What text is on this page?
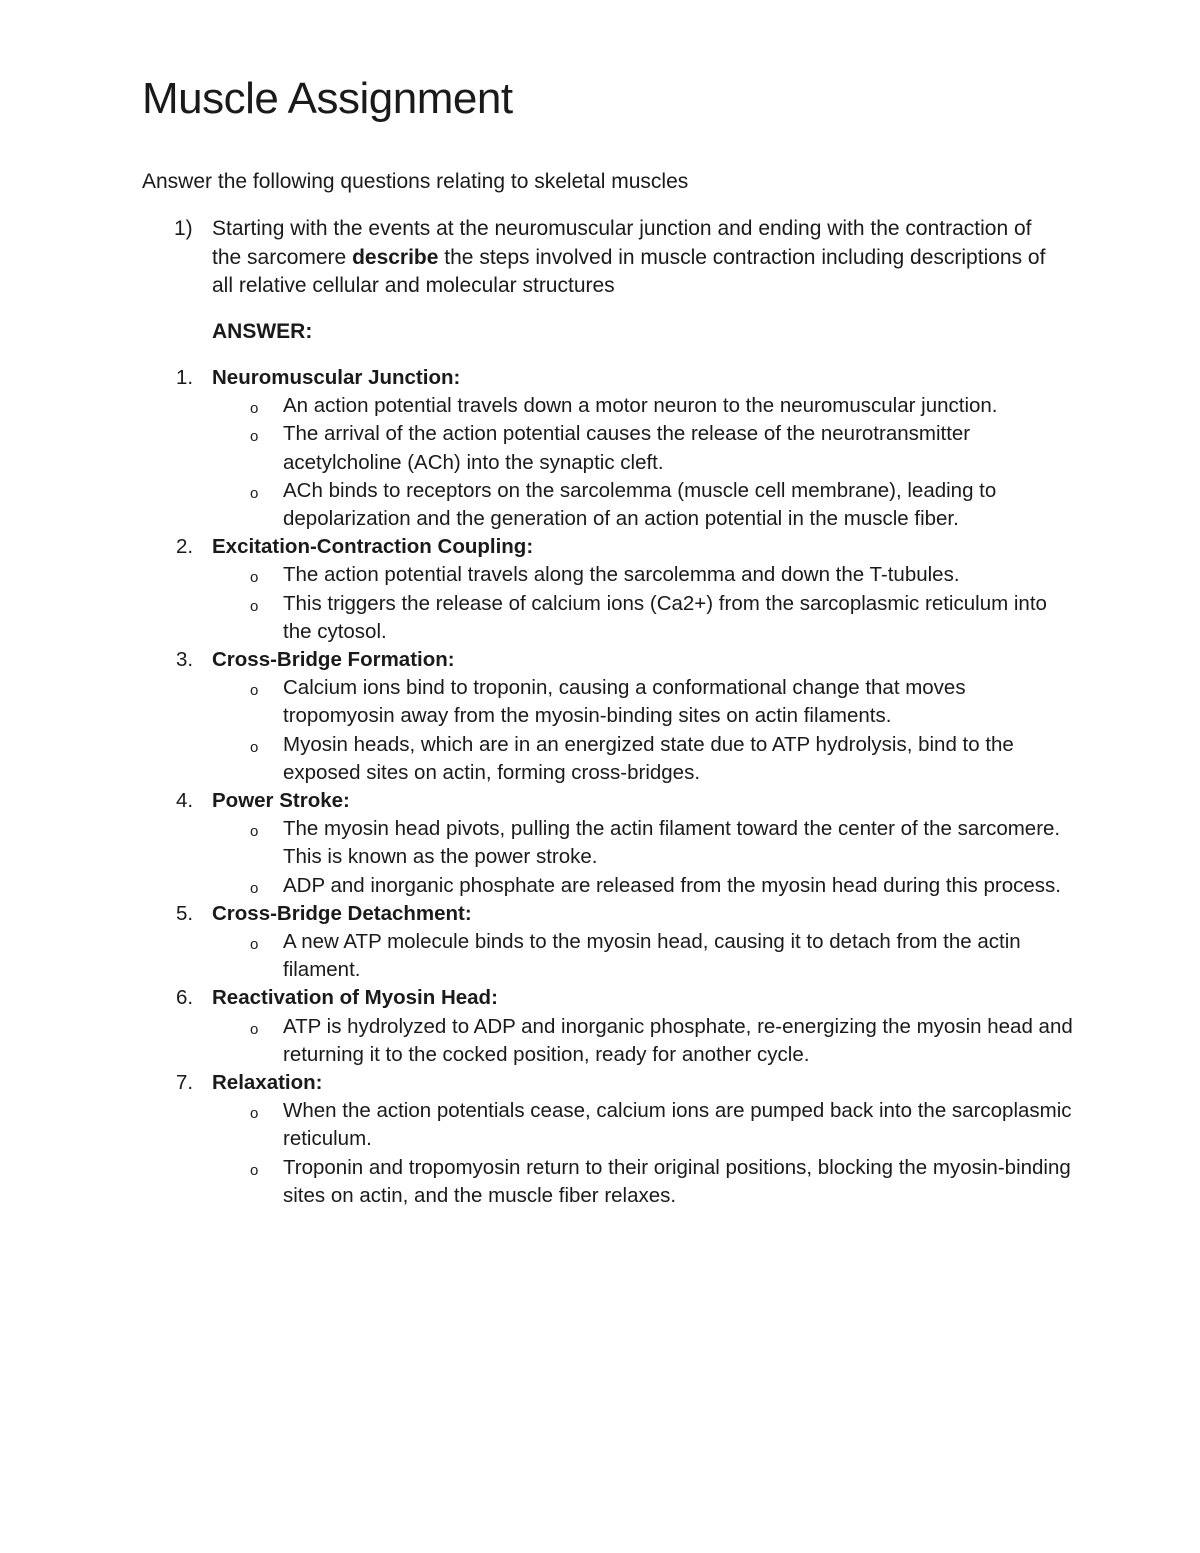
Muscle Assignment

Answer the following questions relating to skeletal muscles

1) Starting with the events at the neuromuscular junction and ending with the contraction of the sarcomere describe the steps involved in muscle contraction including descriptions of all relative cellular and molecular structures
ANSWER:
1. Neuromuscular Junction:
o An action potential travels down a motor neuron to the neuromuscular junction.
o The arrival of the action potential causes the release of the neurotransmitter acetylcholine (ACh) into the synaptic cleft.
o ACh binds to receptors on the sarcolemma (muscle cell membrane), leading to depolarization and the generation of an action potential in the muscle fiber.
2. Excitation-Contraction Coupling:
o The action potential travels along the sarcolemma and down the T-tubules.
o This triggers the release of calcium ions (Ca2+) from the sarcoplasmic reticulum into the cytosol.
3. Cross-Bridge Formation:
o Calcium ions bind to troponin, causing a conformational change that moves tropomyosin away from the myosin-binding sites on actin filaments.
o Myosin heads, which are in an energized state due to ATP hydrolysis, bind to the exposed sites on actin, forming cross-bridges.
4. Power Stroke:
o The myosin head pivots, pulling the actin filament toward the center of the sarcomere. This is known as the power stroke.
o ADP and inorganic phosphate are released from the myosin head during this process.
5. Cross-Bridge Detachment:
o A new ATP molecule binds to the myosin head, causing it to detach from the actin filament.
6. Reactivation of Myosin Head:
o ATP is hydrolyzed to ADP and inorganic phosphate, re-energizing the myosin head and returning it to the cocked position, ready for another cycle.
7. Relaxation:
o When the action potentials cease, calcium ions are pumped back into the sarcoplasmic reticulum.
o Troponin and tropomyosin return to their original positions, blocking the myosin-binding sites on actin, and the muscle fiber relaxes.
